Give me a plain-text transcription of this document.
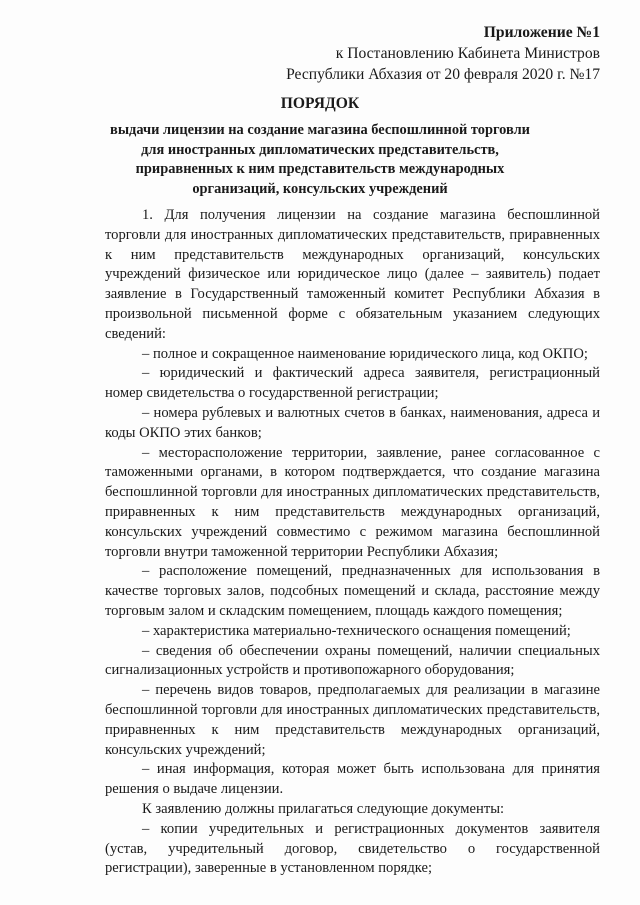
Приложение №1
к Постановлению Кабинета Министров
Республики Абхазия от 20 февраля 2020 г. №17
ПОРЯДОК
выдачи лицензии на создание магазина беспошлинной торговли для иностранных дипломатических представительств, приравненных к ним представительств международных организаций, консульских учреждений

1. Для получения лицензии на создание магазина беспошлинной торговли для иностранных дипломатических представительств, приравненных к ним представительств международных организаций, консульских учреждений физическое или юридическое лицо (далее – заявитель) подает заявление в Государственный таможенный комитет Республики Абхазия в произвольной письменной форме с обязательным указанием следующих сведений:

– полное и сокращенное наименование юридического лица, код ОКПО;

– юридический и фактический адреса заявителя, регистрационный номер свидетельства о государственной регистрации;

– номера рублевых и валютных счетов в банках, наименования, адреса и коды ОКПО этих банков;

– месторасположение территории, заявление, ранее согласованное с таможенными органами, в котором подтверждается, что создание магазина беспошлинной торговли для иностранных дипломатических представительств, приравненных к ним представительств международных организаций, консульских учреждений совместимо с режимом магазина беспошлинной торговли внутри таможенной территории Республики Абхазия;

– расположение помещений, предназначенных для использования в качестве торговых залов, подсобных помещений и склада, расстояние между торговым залом и складским помещением, площадь каждого помещения;

– характеристика материально-технического оснащения помещений;

– сведения об обеспечении охраны помещений, наличии специальных сигнализационных устройств и противопожарного оборудования;

– перечень видов товаров, предполагаемых для реализации в магазине беспошлинной торговли для иностранных дипломатических представительств, приравненных к ним представительств международных организаций, консульских учреждений;

– иная информация, которая может быть использована для принятия решения о выдаче лицензии.

К заявлению должны прилагаться следующие документы:

– копии учредительных и регистрационных документов заявителя (устав, учредительный договор, свидетельство о государственной регистрации), заверенные в установленном порядке;
